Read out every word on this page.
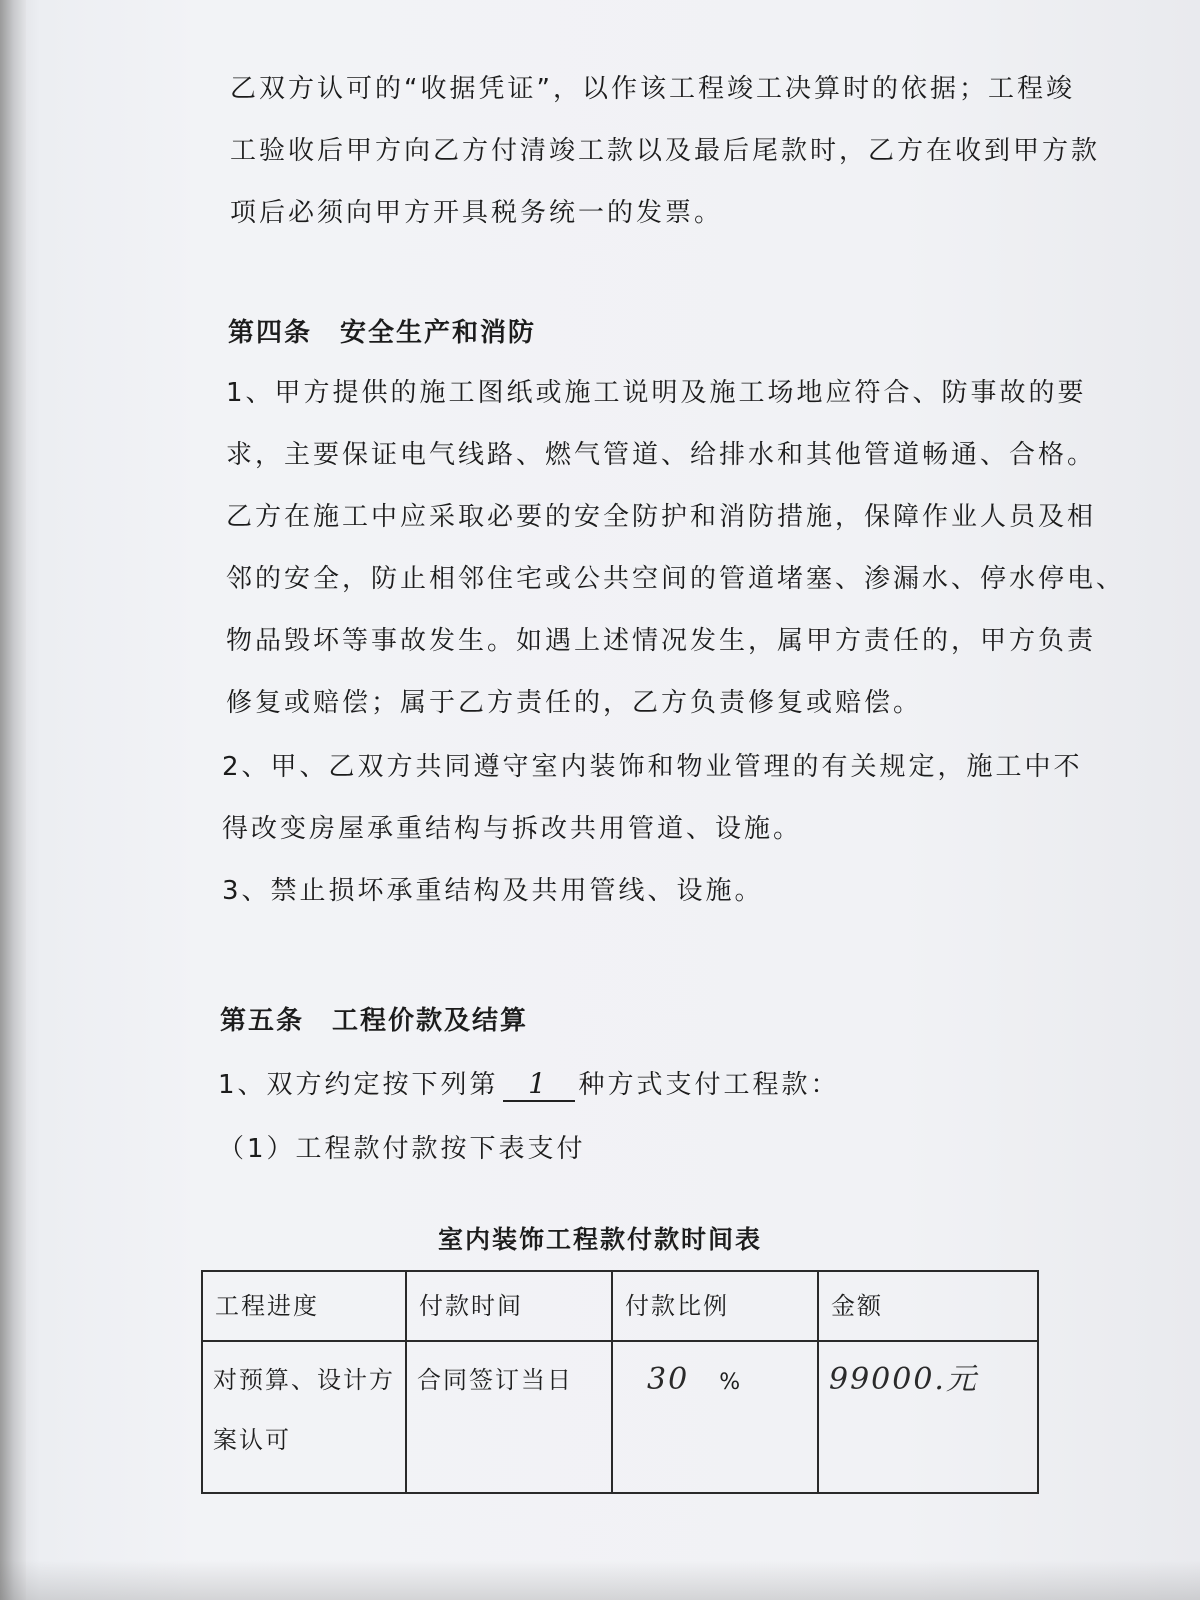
乙双方认可的“收据凭证”，以作该工程竣工决算时的依据；工程竣
工验收后甲方向乙方付清竣工款以及最后尾款时，乙方在收到甲方款
项后必须向甲方开具税务统一的发票。
第四条 安全生产和消防
1、甲方提供的施工图纸或施工说明及施工场地应符合、防事故的要
求，主要保证电气线路、燃气管道、给排水和其他管道畅通、合格。
乙方在施工中应采取必要的安全防护和消防措施，保障作业人员及相
邻的安全，防止相邻住宅或公共空间的管道堵塞、渗漏水、停水停电、
物品毁坏等事故发生。如遇上述情况发生，属甲方责任的，甲方负责
修复或赔偿；属于乙方责任的，乙方负责修复或赔偿。
2、甲、乙双方共同遵守室内装饰和物业管理的有关规定，施工中不
得改变房屋承重结构与拆改共用管道、设施。
3、禁止损坏承重结构及共用管线、设施。
第五条 工程价款及结算
1、双方约定按下列第 1 种方式支付工程款：
（1）工程款付款按下表支付
室内装饰工程款付款时间表
工程进度	付款时间	付款比例	金额
对预算、设计方案认可	合同签订当日	30 %	99000.元
